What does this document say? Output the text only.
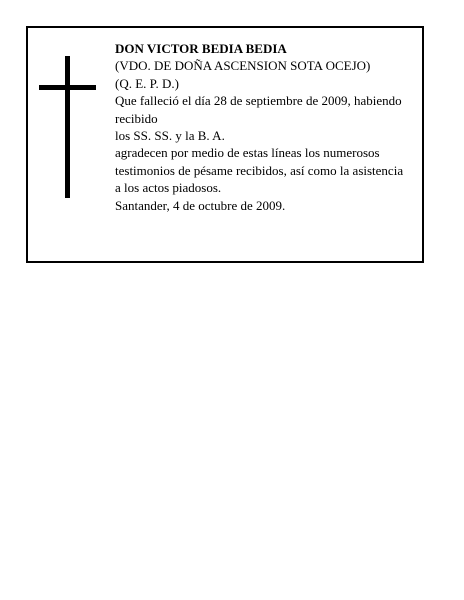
DON VICTOR BEDIA BEDIA
(VDO. DE DOÑA ASCENSION SOTA OCEJO)
(Q. E. P. D.)
Que falleció el día 28 de septiembre de 2009, habiendo
recibido
los SS. SS. y la B. A.
agradecen por medio de estas líneas los numerosos
testimonios de pésame recibidos, así como la asistencia
a los actos piadosos.
Santander, 4 de octubre de 2009.
